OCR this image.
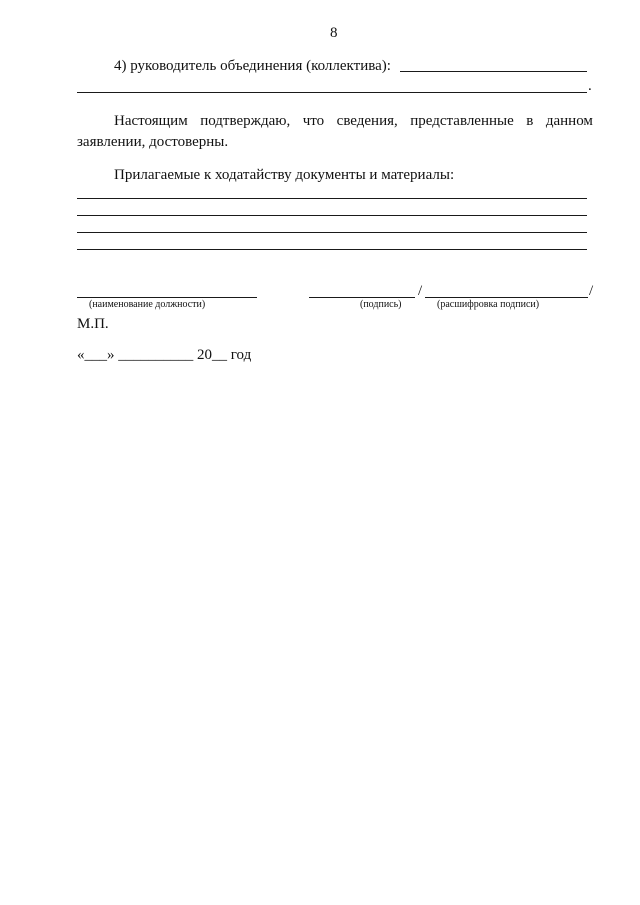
8
4) руководитель объединения (коллектива):
.
Настоящим подтверждаю, что сведения, представленные в данном
заявлении, достоверны.
Прилагаемые к ходатайству документы и материалы:
/	/
(наименование должности)	(подпись)	(расшифровка подписи)
М.П.
«___» __________ 20__ год
